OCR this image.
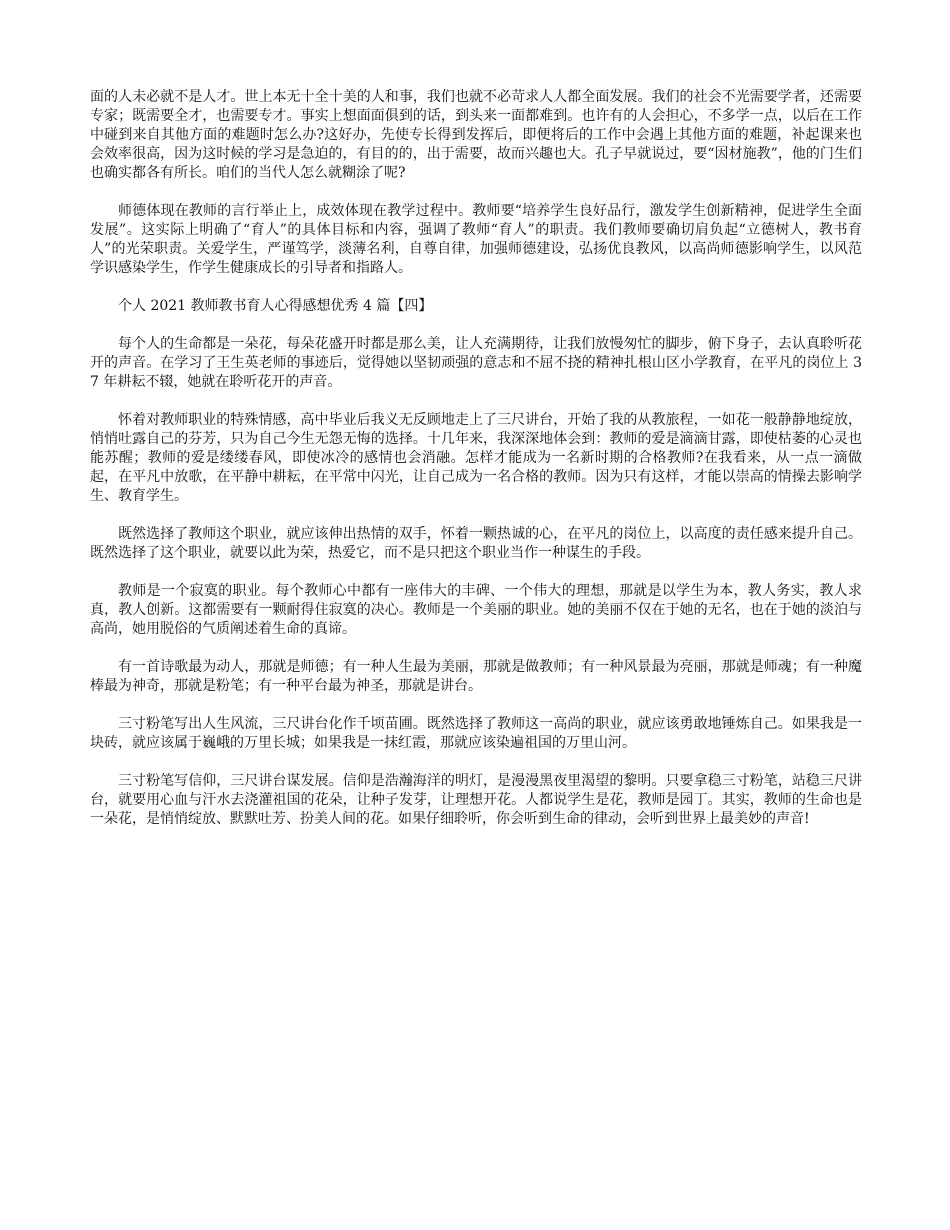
面的人未必就不是人才。世上本无十全十美的人和事，我们也就不必苛求人人都全面发展。我们的社会不光需要学者，还需要专家；既需要全才，也需要专才。事实上想面面俱到的话，到头来一面都难到。也许有的人会担心，不多学一点，以后在工作中碰到来自其他方面的难题时怎么办?这好办，先使专长得到发挥后，即便将后的工作中会遇上其他方面的难题，补起课来也会效率很高，因为这时候的学习是急迫的，有目的的，出于需要，故而兴趣也大。孔子早就说过，要“因材施教”，他的门生们也确实都各有所长。咱们的当代人怎么就糊涂了呢?

师德体现在教师的言行举止上，成效体现在教学过程中。教师要“培养学生良好品行，激发学生创新精神，促进学生全面发展”。这实际上明确了“育人”的具体目标和内容，强调了教师“育人”的职责。我们教师要确切肩负起“立德树人，教书育人”的光荣职责。关爱学生，严谨笃学，淡薄名利，自尊自律，加强师德建设，弘扬优良教风，以高尚师德影响学生，以风范学识感染学生，作学生健康成长的引导者和指路人。

个人 2021 教师教书育人心得感想优秀 4 篇【四】

每个人的生命都是一朵花，每朵花盛开时都是那么美，让人充满期待，让我们放慢匆忙的脚步，俯下身子，去认真聆听花开的声音。在学习了王生英老师的事迹后，觉得她以坚韧顽强的意志和不屈不挠的精神扎根山区小学教育，在平凡的岗位上 37 年耕耘不辍，她就在聆听花开的声音。

怀着对教师职业的特殊情感，高中毕业后我义无反顾地走上了三尺讲台，开始了我的从教旅程，一如花一般静静地绽放，悄悄吐露自己的芬芳，只为自己今生无怨无悔的选择。十几年来，我深深地体会到：教师的爱是滴滴甘露，即使枯萎的心灵也能苏醒；教师的爱是缕缕春风，即使冰冷的感情也会消融。怎样才能成为一名新时期的合格教师?在我看来，从一点一滴做起，在平凡中放歌，在平静中耕耘，在平常中闪光，让自己成为一名合格的教师。因为只有这样，才能以崇高的情操去影响学生、教育学生。

既然选择了教师这个职业，就应该伸出热情的双手，怀着一颗热诚的心，在平凡的岗位上，以高度的责任感来提升自己。既然选择了这个职业，就要以此为荣，热爱它，而不是只把这个职业当作一种谋生的手段。

教师是一个寂寞的职业。每个教师心中都有一座伟大的丰碑、一个伟大的理想，那就是以学生为本，教人务实，教人求真，教人创新。这都需要有一颗耐得住寂寞的决心。教师是一个美丽的职业。她的美丽不仅在于她的无名，也在于她的淡泊与高尚，她用脱俗的气质阐述着生命的真谛。

有一首诗歌最为动人，那就是师德；有一种人生最为美丽，那就是做教师；有一种风景最为亮丽，那就是师魂；有一种魔棒最为神奇，那就是粉笔；有一种平台最为神圣，那就是讲台。

三寸粉笔写出人生风流，三尺讲台化作千顷苗圃。既然选择了教师这一高尚的职业，就应该勇敢地锤炼自己。如果我是一块砖，就应该属于巍峨的万里长城；如果我是一抹红霞，那就应该染遍祖国的万里山河。

三寸粉笔写信仰，三尺讲台谋发展。信仰是浩瀚海洋的明灯，是漫漫黑夜里渴望的黎明。只要拿稳三寸粉笔，站稳三尺讲台，就要用心血与汗水去浇灌祖国的花朵，让种子发芽，让理想开花。人都说学生是花，教师是园丁。其实，教师的生命也是一朵花，是悄悄绽放、默默吐芳、扮美人间的花。如果仔细聆听，你会听到生命的律动，会听到世界上最美妙的声音!
